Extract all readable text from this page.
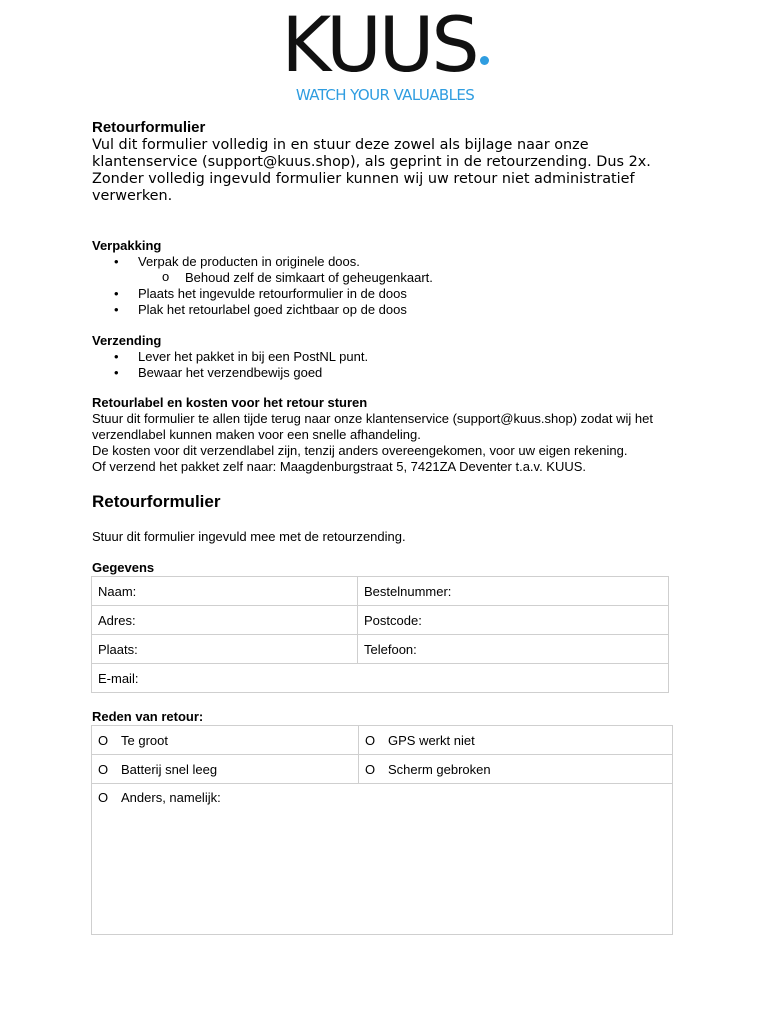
KUUS
WATCH YOUR VALUABLES
Retourformulier

Vul dit formulier volledig in en stuur deze zowel als bijlage naar onze klantenservice (support@kuus.shop), als geprint in de retourzending. Dus 2x.

Zonder volledig ingevuld formulier kunnen wij uw retour niet administratief verwerken.

Verpakking

• Verpak de producten in originele doos.
o Behoud zelf de simkaart of geheugenkaart.
• Plaats het ingevulde retourformulier in de doos
• Plak het retourlabel goed zichtbaar op de doos

Verzending

• Lever het pakket in bij een PostNL punt.
• Bewaar het verzendbewijs goed

Retourlabel en kosten voor het retour sturen

Stuur dit formulier te allen tijde terug naar onze klantenservice (support@kuus.shop) zodat wij het verzendlabel kunnen maken voor een snelle afhandeling.

De kosten voor dit verzendlabel zijn, tenzij anders overeengekomen, voor uw eigen rekening.

Of verzend het pakket zelf naar: Maagdenburgstraat 5, 7421ZA Deventer t.a.v. KUUS.

Retourformulier
Stuur dit formulier ingevuld mee met de retourzending.
Gegevens
Naam:	Bestelnummer:
Adres:	Postcode:
Plaats:	Telefoon:
E-mail:	
Reden van retour:
O Te groot	O GPS werkt niet
O Batterij snel leeg	O Scherm gebroken
O Anders, namelijk:	
